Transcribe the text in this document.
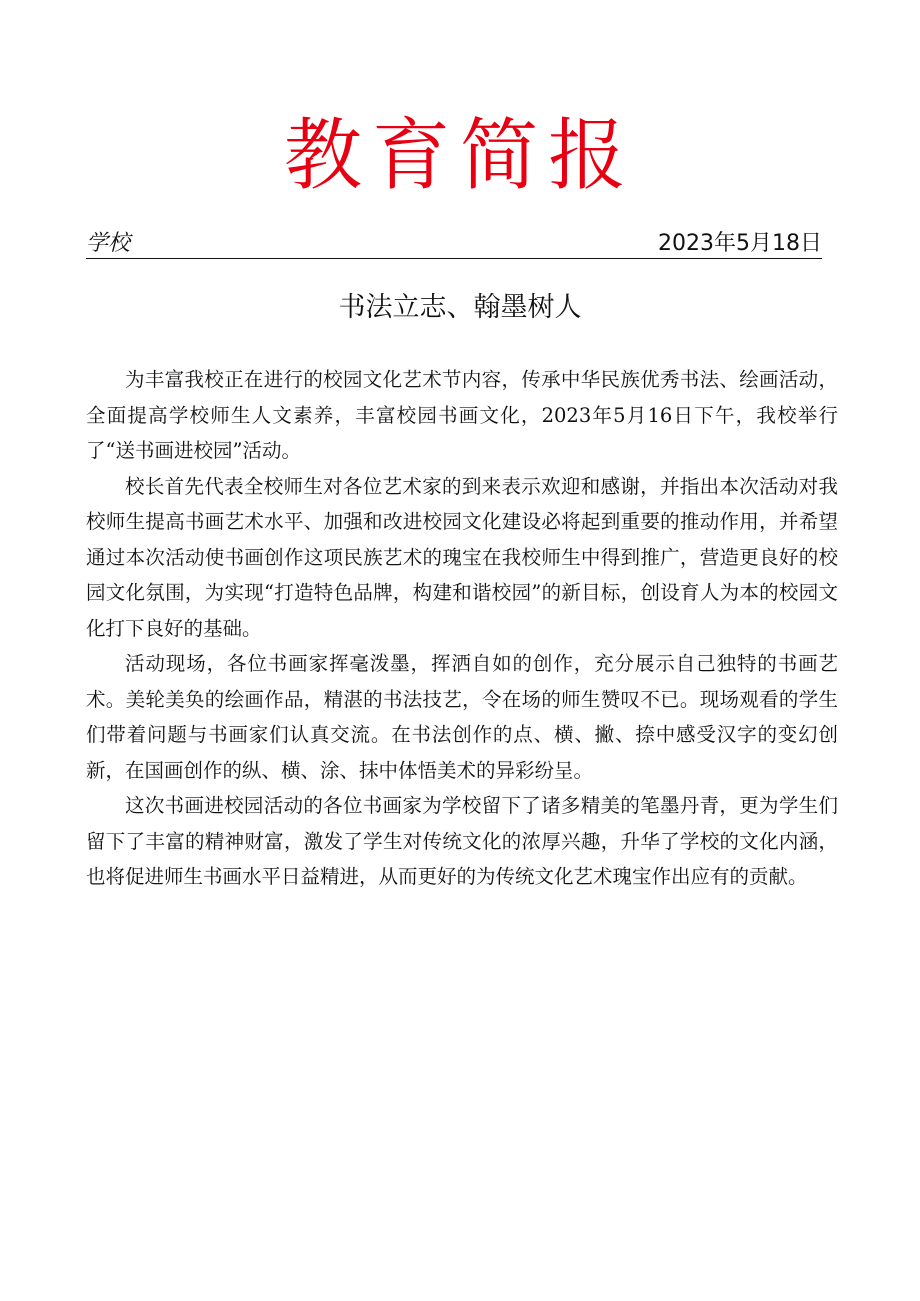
教育简报
学校	2023年5月18日
书法立志、翰墨树人

为丰富我校正在进行的校园文化艺术节内容，传承中华民族优秀书法、绘画活动，全面提高学校师生人文素养，丰富校园书画文化，2023年5月16日下午，我校举行了“送书画进校园”活动。

校长首先代表全校师生对各位艺术家的到来表示欢迎和感谢，并指出本次活动对我校师生提高书画艺术水平、加强和改进校园文化建设必将起到重要的推动作用，并希望通过本次活动使书画创作这项民族艺术的瑰宝在我校师生中得到推广，营造更良好的校园文化氛围，为实现“打造特色品牌，构建和谐校园”的新目标，创设育人为本的校园文化打下良好的基础。

活动现场，各位书画家挥毫泼墨，挥洒自如的创作，充分展示自己独特的书画艺术。美轮美奂的绘画作品，精湛的书法技艺，令在场的师生赞叹不已。现场观看的学生们带着问题与书画家们认真交流。在书法创作的点、横、撇、捺中感受汉字的变幻创新，在国画创作的纵、横、涂、抹中体悟美术的异彩纷呈。

这次书画进校园活动的各位书画家为学校留下了诸多精美的笔墨丹青，更为学生们留下了丰富的精神财富，激发了学生对传统文化的浓厚兴趣，升华了学校的文化内涵，也将促进师生书画水平日益精进，从而更好的为传统文化艺术瑰宝作出应有的贡献。
